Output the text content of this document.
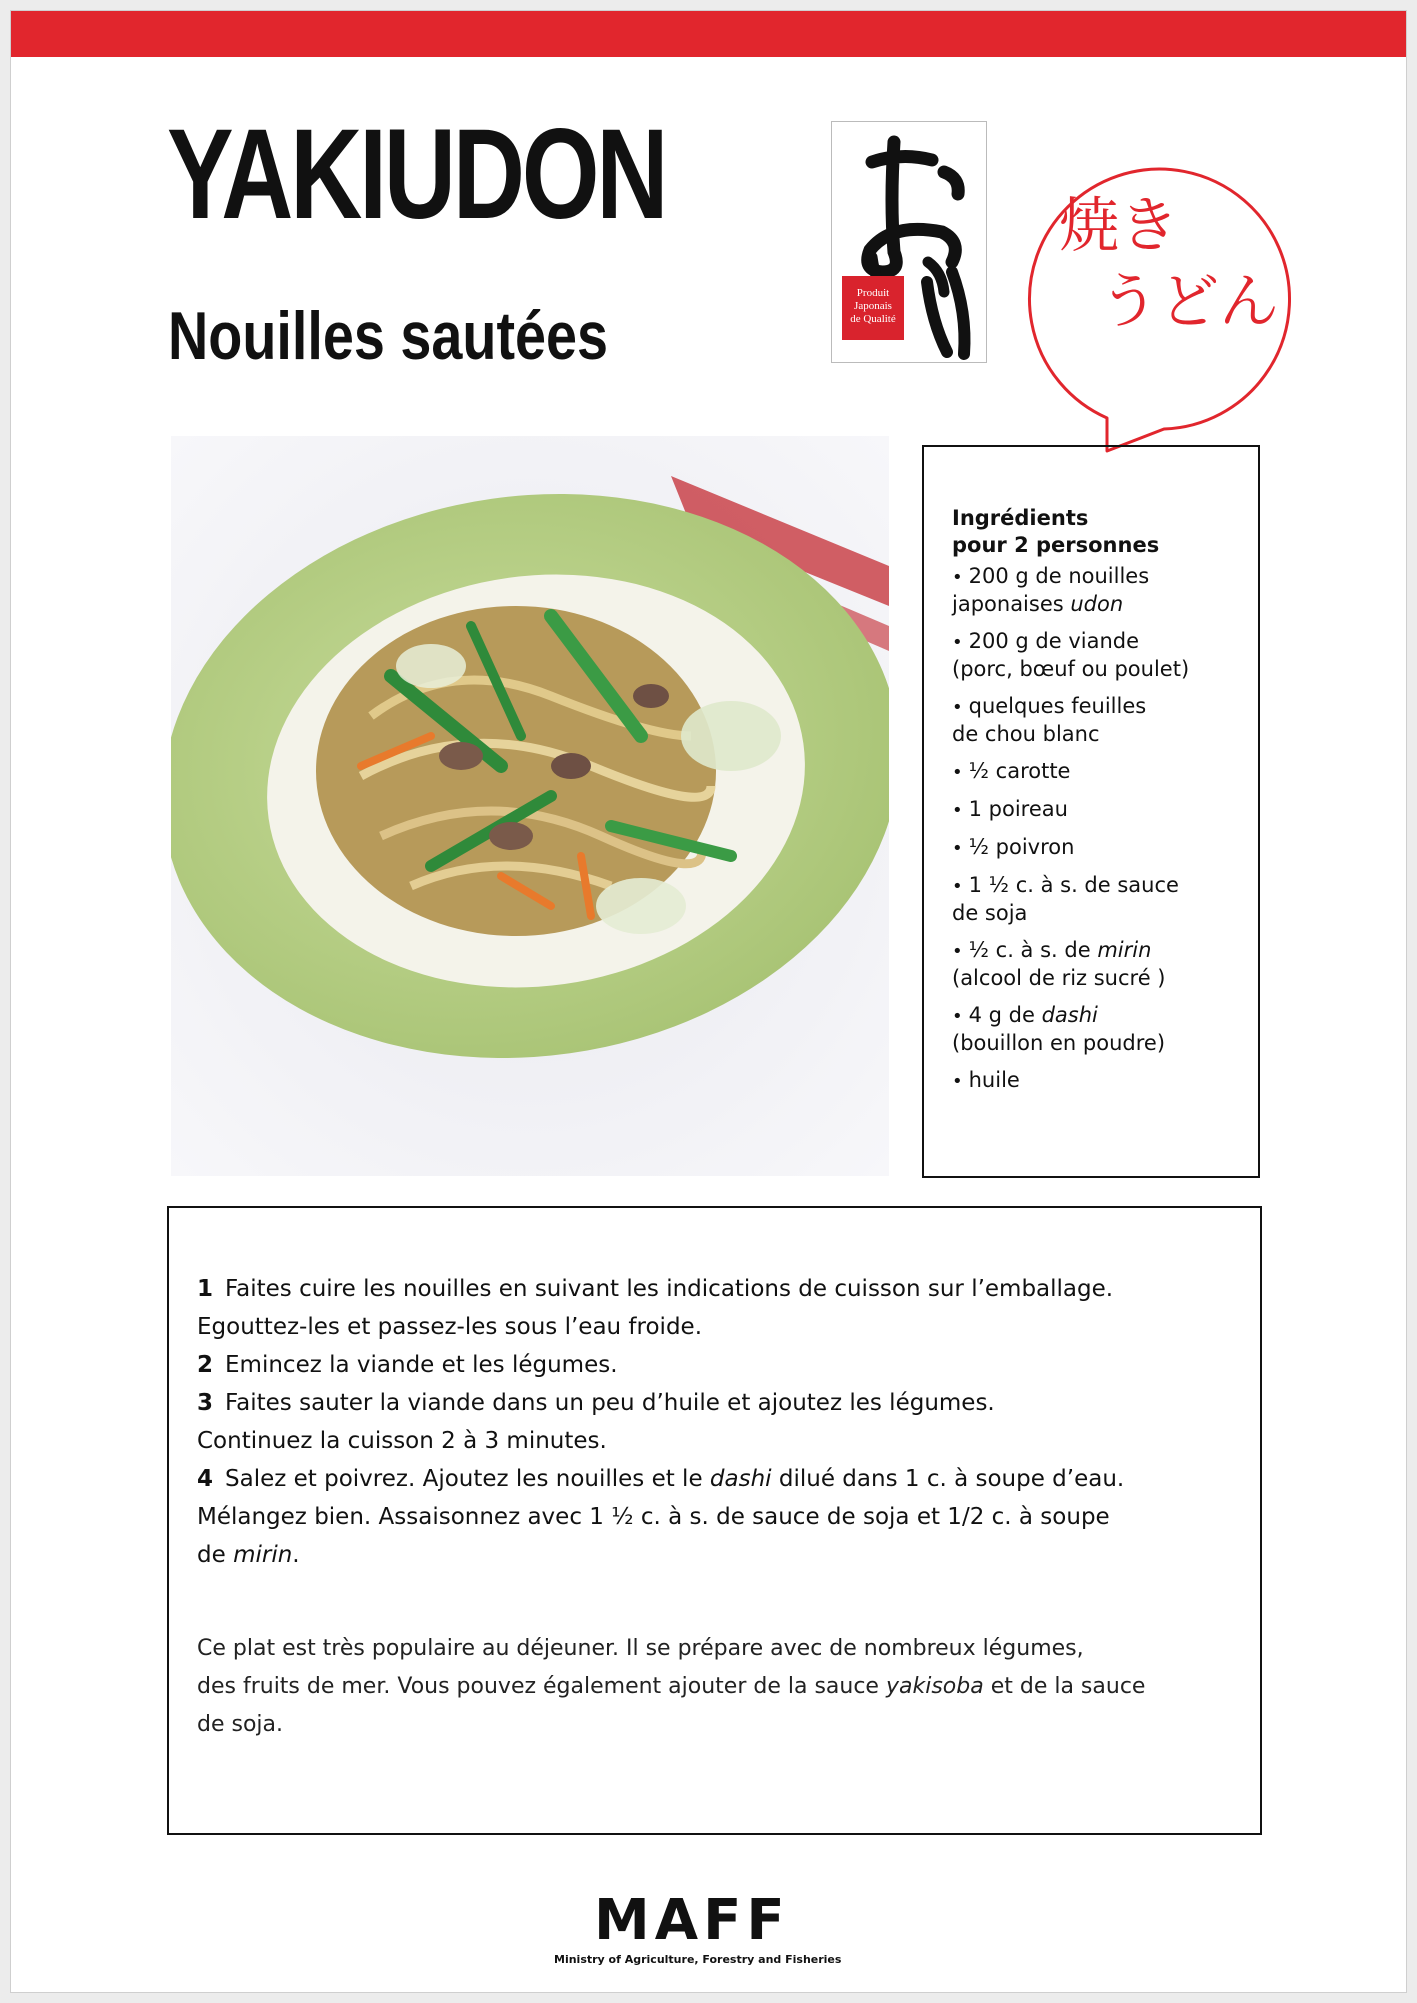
YAKIUDON
Nouilles sautées
Produit
Japonais
de Qualité
焼き
うどん
Ingrédients
pour 2 personnes
• 200 g de nouilles
japonaises udon
• 200 g de viande
(porc, bœuf ou poulet)
• quelques feuilles
de chou blanc
• ½ carotte
• 1 poireau
• ½ poivron
• 1 ½ c. à s. de sauce
de soja
• ½ c. à s. de mirin
(alcool de riz sucré )
• 4 g de dashi
(bouillon en poudre)
• huile
1 Faites cuire les nouilles en suivant les indications de cuisson sur l’emballage.
Egouttez-les et passez-les sous l’eau froide.
2 Emincez la viande et les légumes.
3 Faites sauter la viande dans un peu d’huile et ajoutez les légumes.
Continuez la cuisson 2 à 3 minutes.
4 Salez et poivrez. Ajoutez les nouilles et le dashi dilué dans 1 c. à soupe d’eau.
Mélangez bien. Assaisonnez avec 1 ½ c. à s. de sauce de soja et 1/2 c. à soupe
de mirin.
Ce plat est très populaire au déjeuner. Il se prépare avec de nombreux légumes,
des fruits de mer. Vous pouvez également ajouter de la sauce yakisoba et de la sauce
de soja.
MAFF
Ministry of Agriculture, Forestry and Fisheries
